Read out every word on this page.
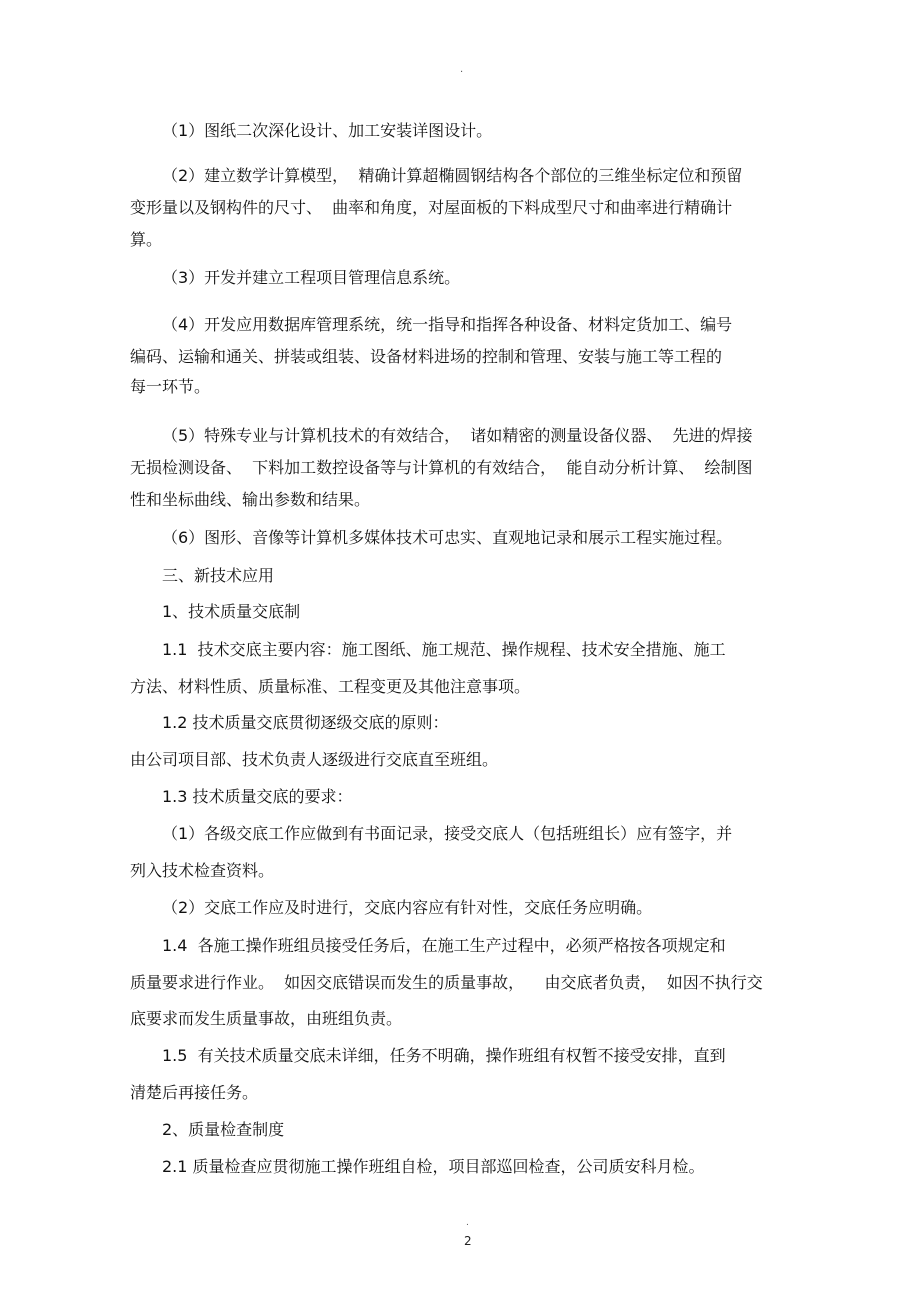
.
（1）图纸二次深化设计、加工安装详图设计。
（2）建立数学计算模型，  精确计算超椭圆钢结构各个部位的三维坐标定位和预留
变形量以及钢构件的尺寸、  曲率和角度，对屋面板的下料成型尺寸和曲率进行精确计
算。
（3）开发并建立工程项目管理信息系统。
（4）开发应用数据库管理系统，统一指导和指挥各种设备、材料定货加工、编号
编码、运输和通关、拼装或组装、设备材料进场的控制和管理、安装与施工等工程的
每一环节。
（5）特殊专业与计算机技术的有效结合，  诸如精密的测量设备仪器、  先进的焊接
无损检测设备、  下料加工数控设备等与计算机的有效结合，  能自动分析计算、  绘制图
性和坐标曲线、输出参数和结果。
（6）图形、音像等计算机多媒体技术可忠实、直观地记录和展示工程实施过程。
三、新技术应用
1、技术质量交底制
1.1  技术交底主要内容：施工图纸、施工规范、操作规程、技术安全措施、施工
方法、材料性质、质量标准、工程变更及其他注意事项。
1.2 技术质量交底贯彻逐级交底的原则：
由公司项目部、技术负责人逐级进行交底直至班组。
1.3 技术质量交底的要求：
（1）各级交底工作应做到有书面记录，接受交底人（包括班组长）应有签字，并
列入技术检查资料。
（2）交底工作应及时进行，交底内容应有针对性，交底任务应明确。
1.4  各施工操作班组员接受任务后，在施工生产过程中，必须严格按各项规定和
质量要求进行作业。  如因交底错误而发生的质量事故，    由交底者负责，  如因不执行交
底要求而发生质量事故，由班组负责。
1.5  有关技术质量交底未详细，任务不明确，操作班组有权暂不接受安排，直到
清楚后再接任务。
2、质量检查制度
2.1 质量检查应贯彻施工操作班组自检，项目部巡回检查，公司质安科月检。
.
2
